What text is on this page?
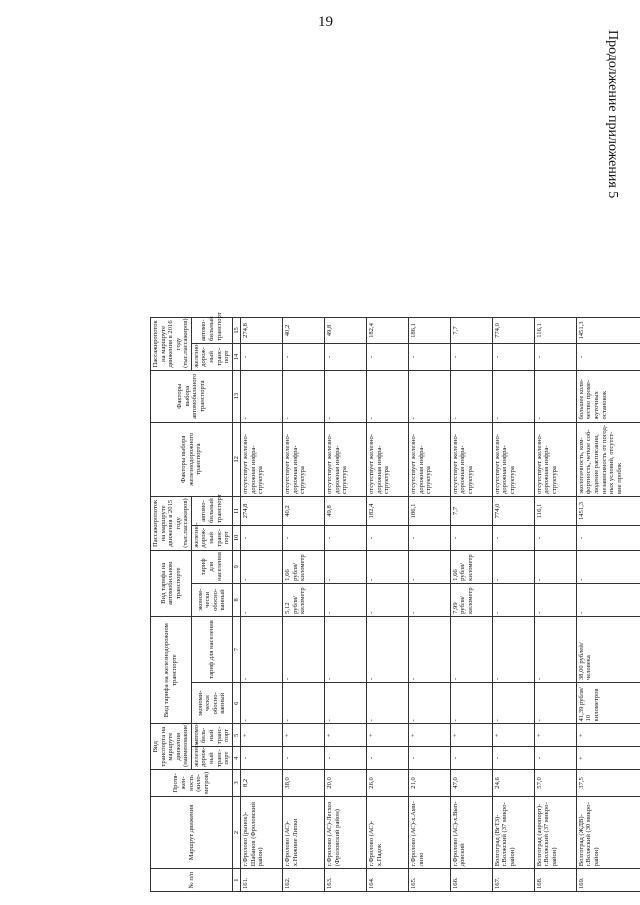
19
Продолжение приложения 5
№ п/п	Маршрут движения	Протя-жен-ность (кило-метров)	Вид транспорта на маршруте движения (наименование)		Вид тарифа на железнодорожном транспорте		Вид тарифа на автомобильном транспорте		Пассажиропоток на маршруте движения в 2015 году (тыс.пассажиров)		Факторы выбора железнодорожного транспорта	Факторы выбора автомобильного транспорта	Пассажиропоток на маршруте движения в 2016 году (тыс.пассажиров)	
			железно-дорож-ный транс-порт	автомо-биль-ный транс-порт	экономи-чески обосно-ванный	тариф для населения	эконом-чески обосно-ванный	тариф для населения	железно-дорож-ный транс-порт	автомо-бильный транспорт			железно-дорож-ный транс-порт	автомо-бильный транспорт

1	2	3	4	5	6	7	8	9	10	11	12	13	14	15
161.	г.Фролово (рынок)-Шабанов (Фроловский район)	8,2	-	+	-	-	-	-	-	274,8	отсутствует железно-дорожная инфра-структура	-	-	274,8
162.	г.Фролово (АС)-х.Нижние Липки	38,0	-	+	-	-	5,12 рубля/ километр	1,66 рубля/ километр	-	40,2	отсутствует железно-дорожная инфра-структура	-	-	40,2
163.	г.Фролово (АС)-Лесхоз (Фроловский район)	20,0	-	+	-	-	-	-	-	49,8	отсутствует железно-дорожная инфра-структура	-	-	49,8
164.	г.Фролово (АС)-х.Падок	26,0	-	+	-	-	-	-	-	182,4	отсутствует железно-дорожная инфра-структура	-	-	182,4
165.	г.Фролово (АС)-х.Ами-лино	21,0	-	+	-	-	-	-	-	186,1	отсутствует железно-дорожная инфра-структура	-	-	186,1
166.	г.Фролово (АС)-х.Вып-довский	47,0	-	+	-	-	7,99 рубля/ километр	1,66 рубля/ километр	-	7,7	отсутствует железно-дорожная инфра-структура	-	-	7,7
167.	Волгоград (ВгТЗ)-г.Волжский (37 микро-район)	24,6	-	+	-	-	-	-	-	774,0	отсутствует железно-дорожная инфра-структура	-	-	774,0
168.	Волгоград (аэропорт)-г.Волжский (37 микро-район)	57,0	-	+	-	-	-	-	-	116,1	отсутствует железно-дорожная инфра-структура	-	-	116,1
169.	Волгоград (ЖДВ)-г.Волжский (30 микро-район)	37,5	+	+	41,39 рубля/ 10 километров	38,00 рублей/ человека	-	-	-	1451,3	экологичность, ком-фортность, четкое соб-людение расписания, независимость от погод-ных условий, отсутст-вие пробок	большее коли-чество проме-жуточных остановок	-	1451,3
